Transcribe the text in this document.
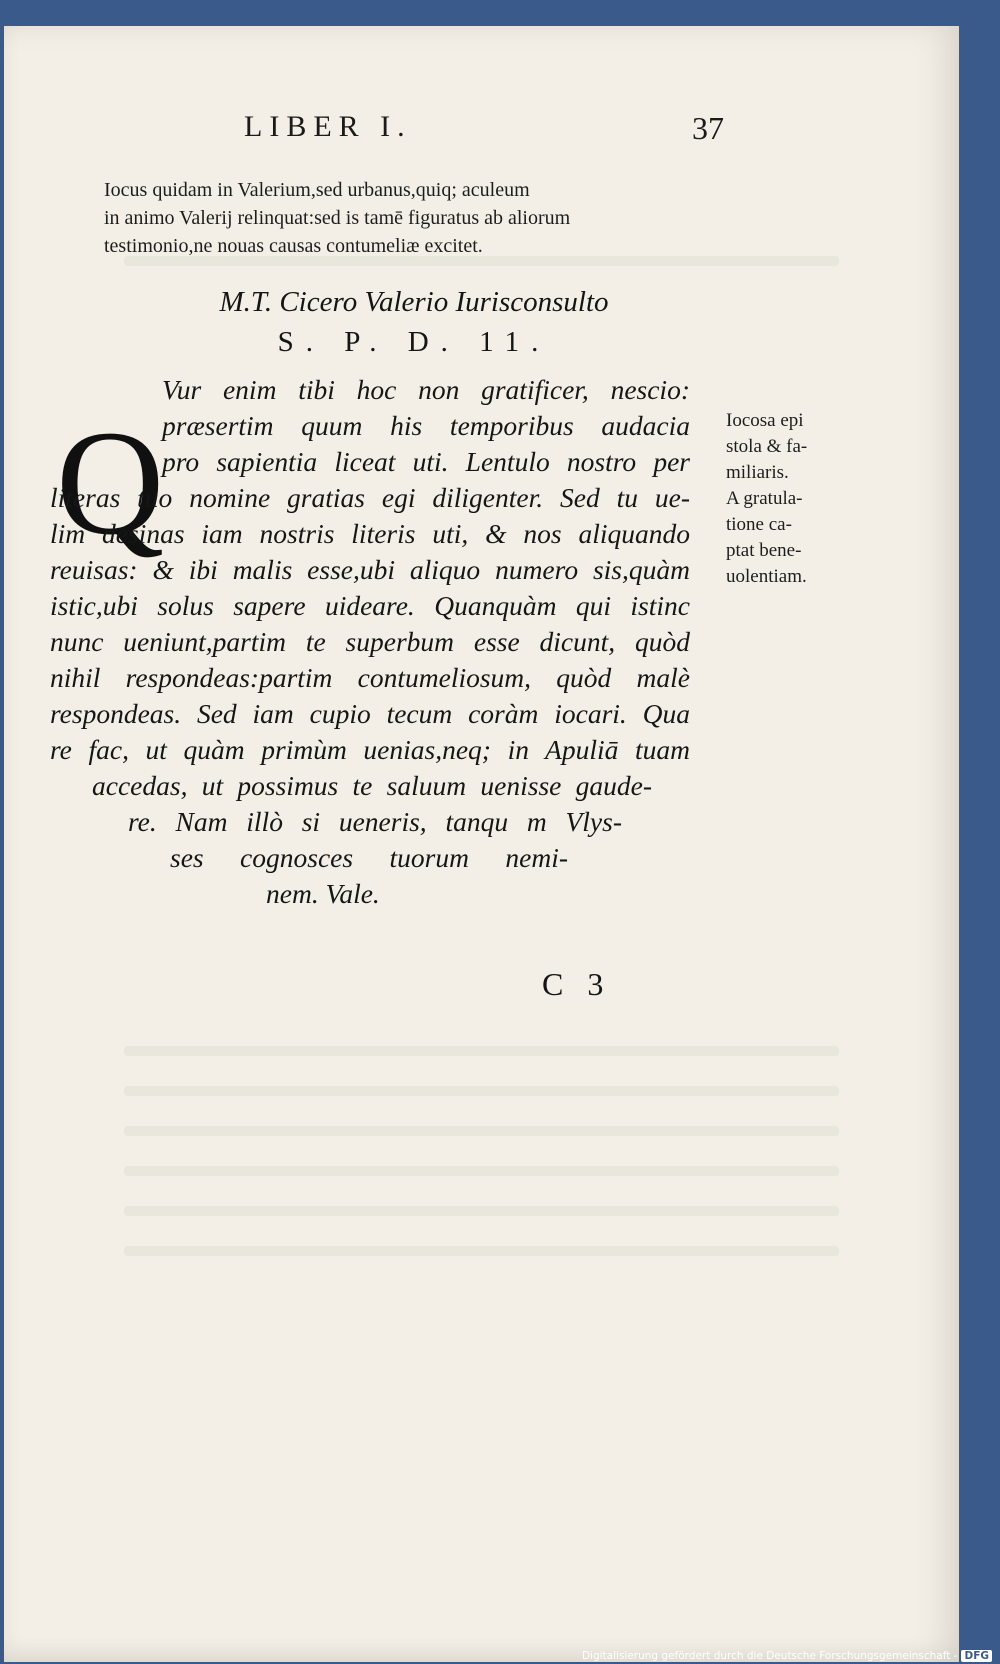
LIBER I.	37
Iocus quidam in Valerium,sed urbanus,quiq; aculeum
in animo Valerij relinquat:sed is tamē figuratus ab aliorum
testimonio,ne nouas causas contumeliæ excitet.
M.T. Cicero Valerio Iurisconsulto
S. P. D. 11.
Q
Vur enim tibi hoc non gratificer, nescio:
præsertim quum his temporibus audacia
pro sapientia liceat uti. Lentulo nostro per
literas tuo nomine gratias egi diligenter. Sed tu ue-
lim desinas iam nostris literis uti, & nos aliquando
reuisas: & ibi malis esse,ubi aliquo numero sis,quàm
istic,ubi solus sapere uideare. Quanquàm qui istinc
nunc ueniunt,partim te superbum esse dicunt, quòd
nihil respondeas:partim contumeliosum, quòd malè
respondeas. Sed iam cupio tecum coràm iocari. Qua
re fac, ut quàm primùm uenias,neq; in Apuliā tuam
accedas, ut possimus te saluum uenisse gaude-
re. Nam illò si ueneris, tanqu m Vlys-
ses cognosces tuorum nemi-
nem. Vale.
Iocosa epi
stola & fa-
miliaris.
A gratula-
tione ca-
ptat bene-
uolentiam.
C 3
Digitalisierung gefördert durch die Deutsche Forschungsgemeinschaft - DFG
